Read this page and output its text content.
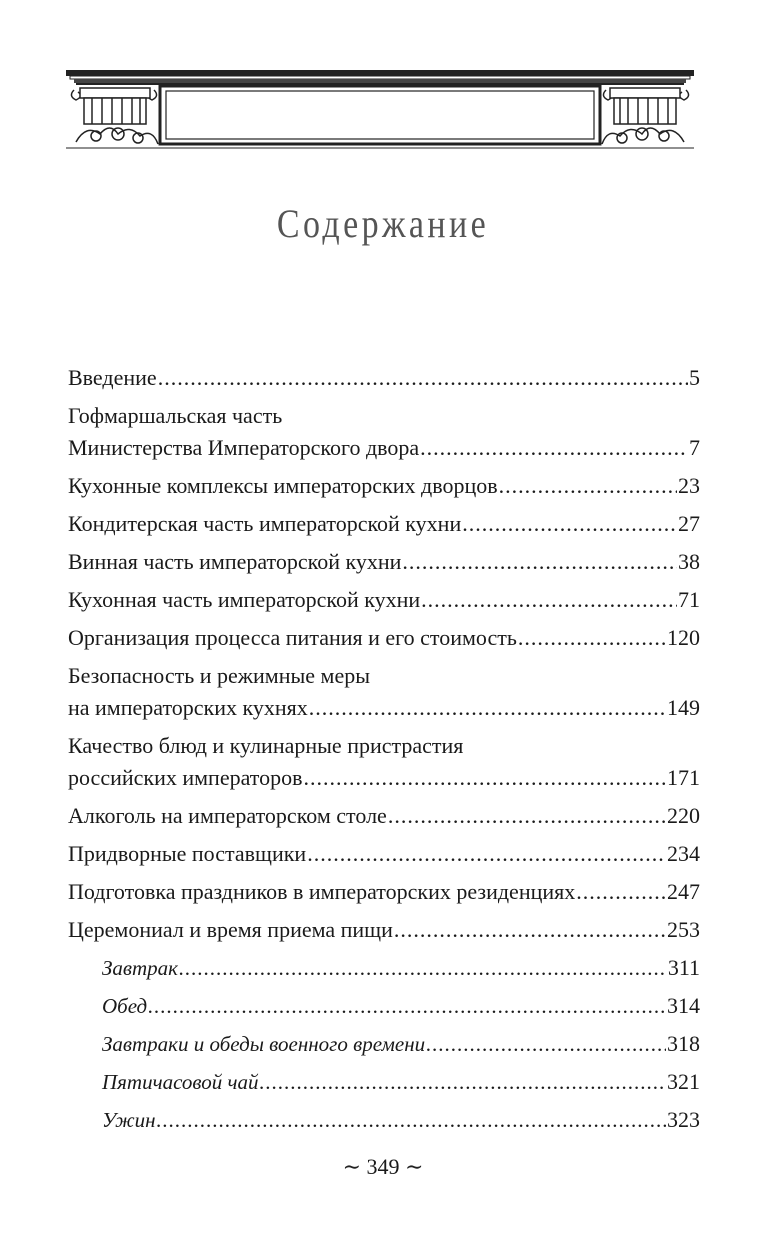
Содержание
Введение .....	5
Гофмаршальская часть
Министерства Императорского двора .....	7
Кухонные комплексы императорских дворцов .....	23
Кондитерская часть императорской кухни .....	27
Винная часть императорской кухни .....	38
Кухонная часть императорской кухни .....	71
Организация процесса питания и его стоимость .....	120
Безопасность и режимные меры
на императорских кухнях .....	149
Качество блюд и кулинарные пристрастия
российских императоров .....	171
Алкоголь на императорском столе .....	220
Придворные поставщики .....	234
Подготовка праздников в императорских резиденциях .....	247
Церемониал и время приема пищи .....	253
Завтрак .....	311
Обед .....	314
Завтраки и обеды военного времени .....	318
Пятичасовой чай .....	321
Ужин .....	323
∼ 349 ∼
